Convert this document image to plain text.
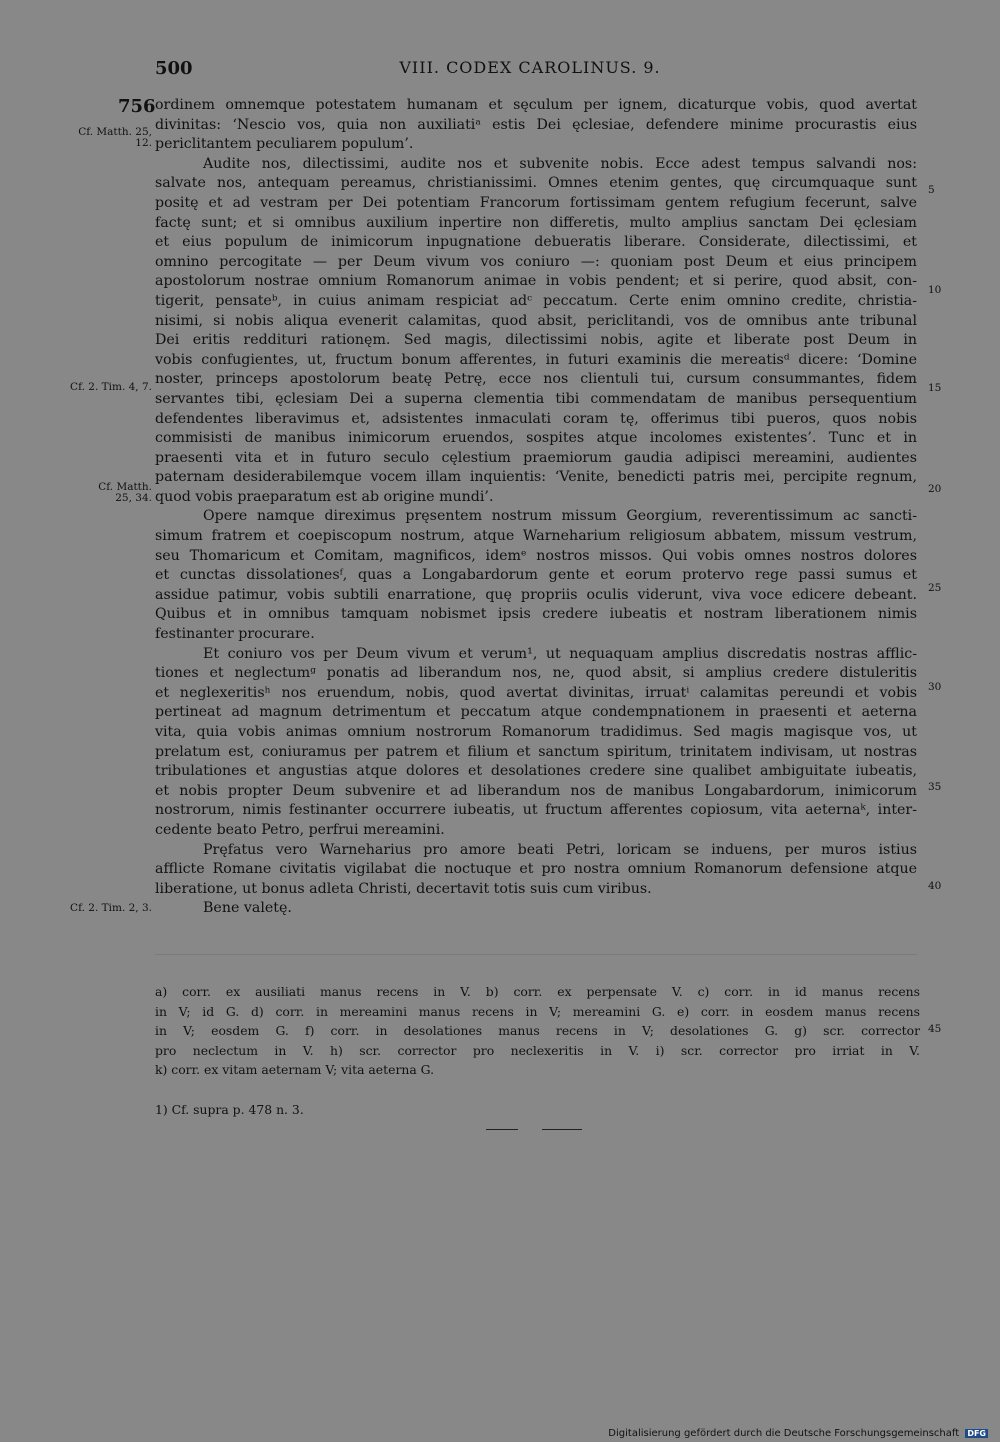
500	VIII. CODEX CAROLINUS. 9.
756
Cf. Matth. 25,
12.
Cf. 2. Tim. 4, 7.
Cf. Matth.
25, 34.
Cf. 2. Tim. 2, 3.
5
10
15
20
25
30
35
40
45
ordinem omnemque potestatem humanam et sęculum per ignem, dicaturque vobis, quod avertat
divinitas: ‘Nescio vos, quia non auxiliatiᵃ estis Dei ęclesiae, defendere minime procurastis eius
periclitantem peculiarem populum’.
Audite nos, dilectissimi, audite nos et subvenite nobis. Ecce adest tempus salvandi nos:
salvate nos, antequam pereamus, christianissimi. Omnes etenim gentes, quę circumquaque sunt
positę et ad vestram per Dei potentiam Francorum fortissimam gentem refugium fecerunt, salve
factę sunt; et si omnibus auxilium inpertire non differetis, multo amplius sanctam Dei ęclesiam
et eius populum de inimicorum inpugnatione debueratis liberare. Considerate, dilectissimi, et
omnino percogitate — per Deum vivum vos coniuro —: quoniam post Deum et eius principem
apostolorum nostrae omnium Romanorum animae in vobis pendent; et si perire, quod absit, con-
tigerit, pensateᵇ, in cuius animam respiciat adᶜ peccatum. Certe enim omnino credite, christia-
nisimi, si nobis aliqua evenerit calamitas, quod absit, periclitandi, vos de omnibus ante tribunal
Dei eritis reddituri rationęm. Sed magis, dilectissimi nobis, agite et liberate post Deum in
vobis confugientes, ut, fructum bonum afferentes, in futuri examinis die mereatisᵈ dicere: ‘Domine
noster, princeps apostolorum beatę Petrę, ecce nos clientuli tui, cursum consummantes, fidem
servantes tibi, ęclesiam Dei a superna clementia tibi commendatam de manibus persequentium
defendentes liberavimus et, adsistentes inmaculati coram tę, offerimus tibi pueros, quos nobis
commisisti de manibus inimicorum eruendos, sospites atque incolomes existentes’. Tunc et in
praesenti vita et in futuro seculo cęlestium praemiorum gaudia adipisci mereamini, audientes
paternam desiderabilemque vocem illam inquientis: ‘Venite, benedicti patris mei, percipite regnum,
quod vobis praeparatum est ab origine mundi’.
Opere namque direximus pręsentem nostrum missum Georgium, reverentissimum ac sancti-
simum fratrem et coepiscopum nostrum, atque Warneharium religiosum abbatem, missum vestrum,
seu Thomaricum et Comitam, magnificos, idemᵉ nostros missos. Qui vobis omnes nostros dolores
et cunctas dissolationesᶠ, quas a Longabardorum gente et eorum protervo rege passi sumus et
assidue patimur, vobis subtili enarratione, quę propriis oculis viderunt, viva voce edicere debeant.
Quibus et in omnibus tamquam nobismet ipsis credere iubeatis et nostram liberationem nimis
festinanter procurare.
Et coniuro vos per Deum vivum et verum¹, ut nequaquam amplius discredatis nostras afflic-
tiones et neglectumᵍ ponatis ad liberandum nos, ne, quod absit, si amplius credere distuleritis
et neglexeritisʰ nos eruendum, nobis, quod avertat divinitas, irruatⁱ calamitas pereundi et vobis
pertineat ad magnum detrimentum et peccatum atque condempnationem in praesenti et aeterna
vita, quia vobis animas omnium nostrorum Romanorum tradidimus. Sed magis magisque vos, ut
prelatum est, coniuramus per patrem et filium et sanctum spiritum, trinitatem indivisam, ut nostras
tribulationes et angustias atque dolores et desolationes credere sine qualibet ambiguitate iubeatis,
et nobis propter Deum subvenire et ad liberandum nos de manibus Longabardorum, inimicorum
nostrorum, nimis festinanter occurrere iubeatis, ut fructum afferentes copiosum, vita aeternaᵏ, inter-
cedente beato Petro, perfrui mereamini.
Pręfatus vero Warneharius pro amore beati Petri, loricam se induens, per muros istius
afflicte Romane civitatis vigilabat die noctuque et pro nostra omnium Romanorum defensione atque
liberatione, ut bonus adleta Christi, decertavit totis suis cum viribus.
Bene valetę.
a) corr. ex ausiliati manus recens in V. b) corr. ex perpensate V. c) corr. in id manus recens
in V; id G. d) corr. in mereamini manus recens in V; mereamini G. e) corr. in eosdem manus recens
in V; eosdem G. f) corr. in desolationes manus recens in V; desolationes G. g) scr. corrector
pro neclectum in V. h) scr. corrector pro neclexeritis in V. i) scr. corrector pro irriat in V.
k) corr. ex vitam aeternam V; vita aeterna G.
1) Cf. supra p. 478 n. 3.
Digitalisierung gefördert durch die Deutsche Forschungsgemeinschaft DFG
